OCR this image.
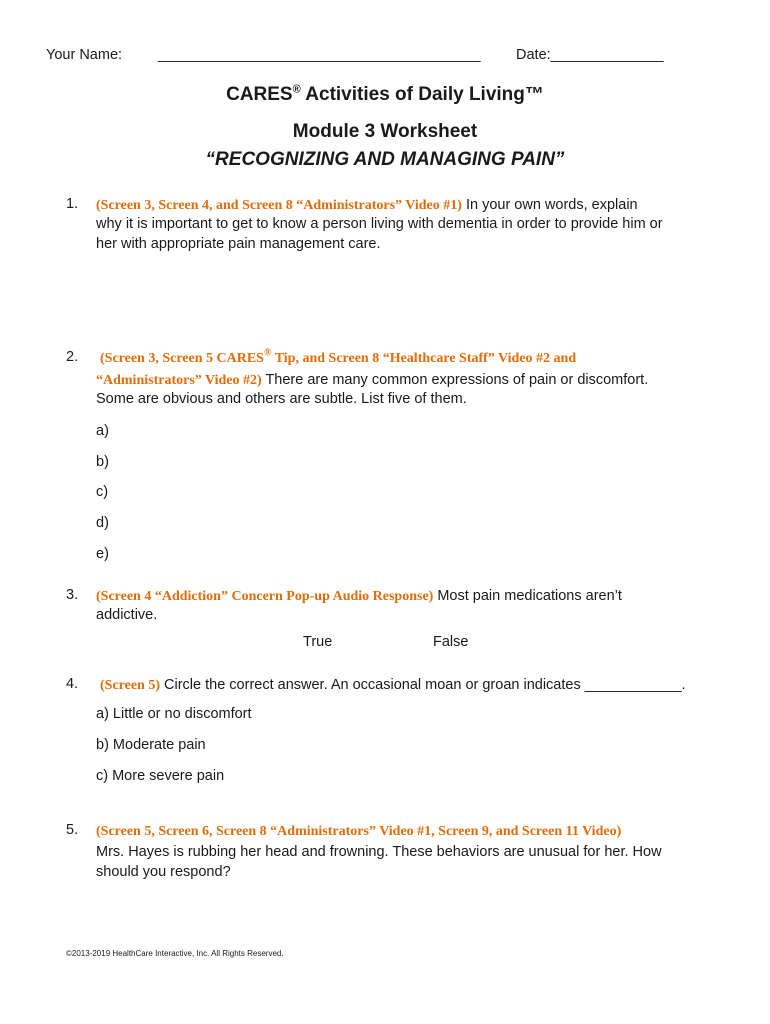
Your Name: ________________________________________ Date:______________
CARES® Activities of Daily Living™
Module 3 Worksheet
“RECOGNIZING AND MANAGING PAIN”
1. (Screen 3, Screen 4, and Screen 8 “Administrators” Video #1) In your own words, explain
why it is important to get to know a person living with dementia in order to provide him or
her with appropriate pain management care.
2. (Screen 3, Screen 5 CARES® Tip, and Screen 8 “Healthcare Staff” Video #2 and
“Administrators” Video #2) There are many common expressions of pain or discomfort.
Some are obvious and others are subtle. List five of them.
a)
b)
c)
d)
e)
3. (Screen 4 “Addiction” Concern Pop-up Audio Response) Most pain medications aren’t
addictive.
True	False
4. (Screen 5) Circle the correct answer. An occasional moan or groan indicates ____________.
a) Little or no discomfort
b) Moderate pain
c) More severe pain
5. (Screen 5, Screen 6, Screen 8 “Administrators” Video #1, Screen 9, and Screen 11 Video)
Mrs. Hayes is rubbing her head and frowning. These behaviors are unusual for her. How
should you respond?
©2013-2019 HealthCare Interactive, Inc. All Rights Reserved.
